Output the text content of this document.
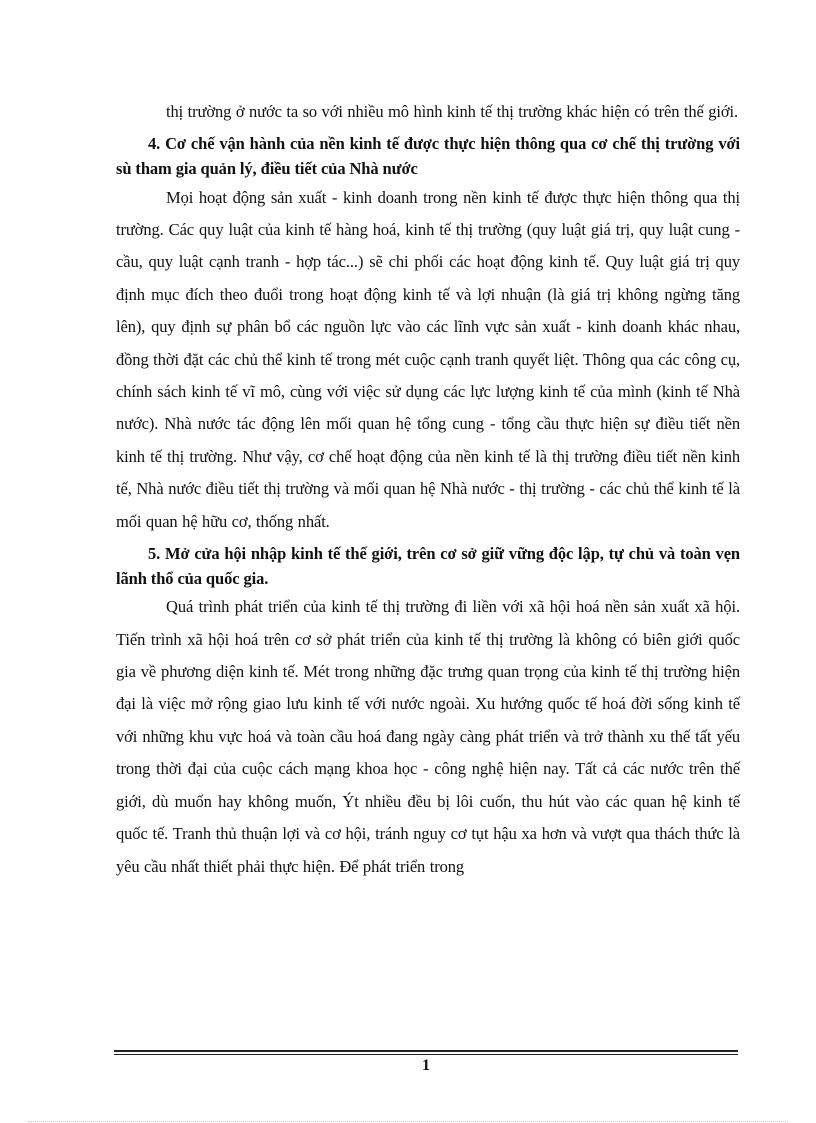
thị trường ở nước ta so với nhiều mô hình kinh tế thị trường khác hiện có trên thế giới.

4. Cơ chế vận hành của nền kinh tế được thực hiện thông qua cơ chế thị trường với sù tham gia quản lý, điều tiết của Nhà nước

Mọi hoạt động sản xuất - kinh doanh trong nền kinh tế được thực hiện thông qua thị trường. Các quy luật của kinh tế hàng hoá, kinh tế thị trường (quy luật giá trị, quy luật cung - cầu, quy luật cạnh tranh - hợp tác...) sẽ chi phối các hoạt động kinh tế. Quy luật giá trị quy định mục đích theo đuổi trong hoạt động kinh tế và lợi nhuận (là giá trị không ngừng tăng lên), quy định sự phân bổ các nguồn lực vào các lĩnh vực sản xuất - kinh doanh khác nhau, đồng thời đặt các chủ thể kinh tế trong mét cuộc cạnh tranh quyết liệt. Thông qua các công cụ, chính sách kinh tế vĩ mô, cùng với việc sử dụng các lực lượng kinh tế của mình (kinh tế Nhà nước). Nhà nước tác động lên mối quan hệ tổng cung - tổng cầu thực hiện sự điều tiết nền kinh tế thị trường. Như vậy, cơ chế hoạt động của nền kinh tế là thị trường điều tiết nền kinh tế, Nhà nước điều tiết thị trường và mối quan hệ Nhà nước - thị trường - các chủ thể kinh tế là mối quan hệ hữu cơ, thống nhất.

5. Mở cửa hội nhập kinh tế thế giới, trên cơ sở giữ vững độc lập, tự chủ và toàn vẹn lãnh thổ của quốc gia.

Quá trình phát triển của kinh tế thị trường đi liền với xã hội hoá nền sản xuất xã hội. Tiến trình xã hội hoá trên cơ sở phát triển của kinh tế thị trường là không có biên giới quốc gia về phương diện kinh tế. Mét trong những đặc trưng quan trọng của kinh tế thị trường hiện đại là việc mở rộng giao lưu kinh tế với nước ngoài. Xu hướng quốc tế hoá đời sống kinh tế với những khu vực hoá và toàn cầu hoá đang ngày càng phát triển và trở thành xu thế tất yếu trong thời đại của cuộc cách mạng khoa học - công nghệ hiện nay. Tất cả các nước trên thế giới, dù muốn hay không muốn, Ýt nhiều đều bị lôi cuốn, thu hút vào các quan hệ kinh tế quốc tế. Tranh thủ thuận lợi và cơ hội, tránh nguy cơ tụt hậu xa hơn và vượt qua thách thức là yêu cầu nhất thiết phải thực hiện. Để phát triển trong

1
